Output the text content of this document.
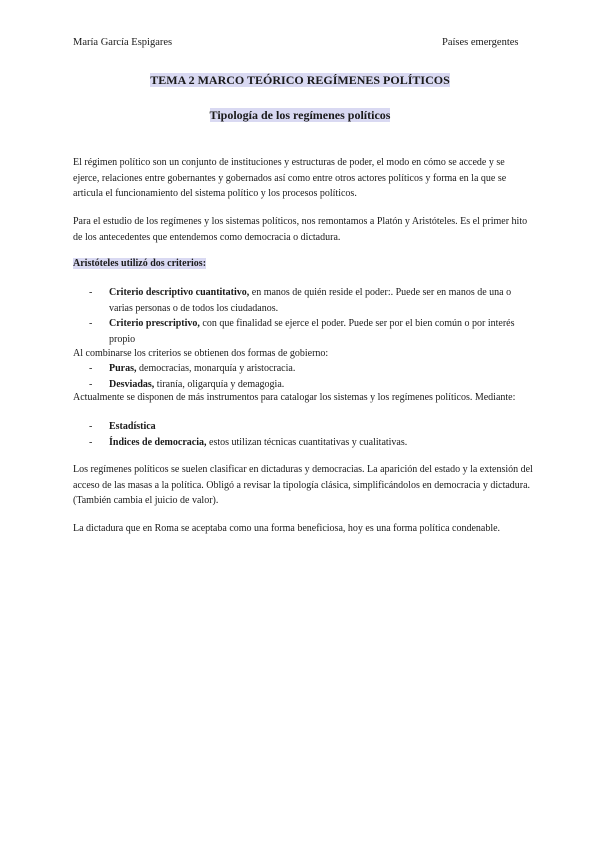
María García Espigares	Países emergentes
TEMA 2 MARCO TEÓRICO REGÍMENES POLÍTICOS
Tipología de los regímenes políticos
El régimen político son un conjunto de instituciones y estructuras de poder, el modo en cómo se accede y se ejerce, relaciones entre gobernantes y gobernados así como entre otros actores políticos y forma en la que se articula el funcionamiento del sistema político y los procesos políticos.
Para el estudio de los regímenes y los sistemas políticos, nos remontamos a Platón y Aristóteles. Es el primer hito de los antecedentes que entendemos como democracia o dictadura.
Aristóteles utilizó dos criterios:
- Criterio descriptivo cuantitativo, en manos de quién reside el poder:. Puede ser en manos de una o varias personas o de todos los ciudadanos.
- Criterio prescriptivo, con que finalidad se ejerce el poder. Puede ser por el bien común o por interés propio
Al combinarse los criterios se obtienen dos formas de gobierno:
- Puras, democracias, monarquía y aristocracia.
- Desviadas, tiranía, oligarquía y demagogia.
Actualmente se disponen de más instrumentos para catalogar los sistemas y los regímenes políticos. Mediante:
- Estadística
- Índices de democracia, estos utilizan técnicas cuantitativas y cualitativas.
Los regímenes políticos se suelen clasificar en dictaduras y democracias. La aparición del estado y la extensión del acceso de las masas a la política. Obligó a revisar la tipología clásica, simplificándolos en democracia y dictadura. (También cambia el juicio de valor).
La dictadura que en Roma se aceptaba como una forma beneficiosa, hoy es una forma política condenable.
